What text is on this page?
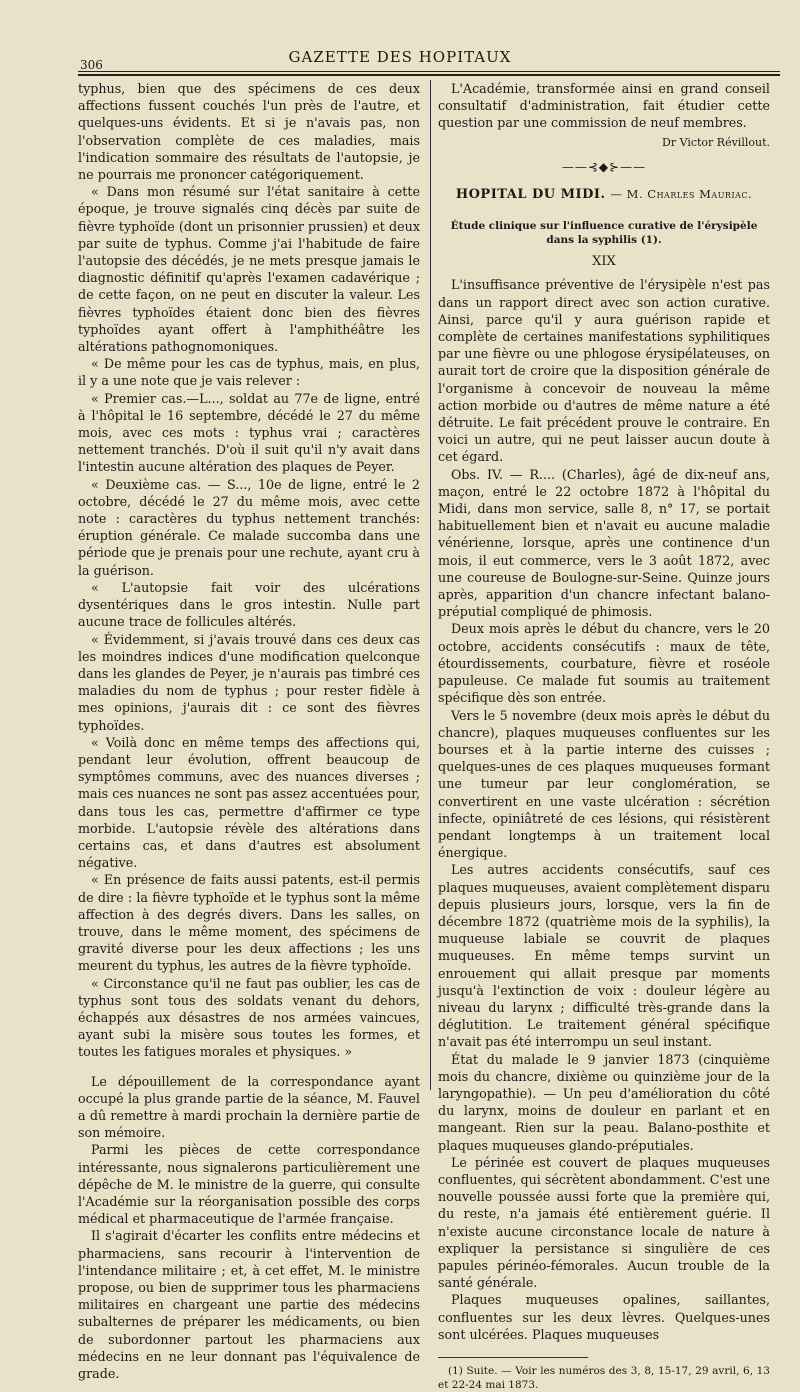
306	GAZETTE DES HOPITAUX

typhus, bien que des spécimens de ces deux affections fussent couchés l'un près de l'autre, et quelques-uns évidents. Et si je n'avais pas, non l'observation complète de ces maladies, mais l'indication sommaire des résultats de l'autopsie, je ne pourrais me prononcer catégoriquement.

« Dans mon résumé sur l'état sanitaire à cette époque, je trouve signalés cinq décès par suite de fièvre typhoïde (dont un prisonnier prussien) et deux par suite de typhus. Comme j'ai l'habitude de faire l'autopsie des décédés, je ne mets presque jamais le diagnostic définitif qu'après l'examen cadavérique ; de cette façon, on ne peut en discuter la valeur. Les fièvres typhoïdes étaient donc bien des fièvres typhoïdes ayant offert à l'amphithéâtre les altérations pathognomoniques.

« De même pour les cas de typhus, mais, en plus, il y a une note que je vais relever :

« Premier cas.—L..., soldat au 77e de ligne, entré à l'hôpital le 16 septembre, décédé le 27 du même mois, avec ces mots : typhus vrai ; caractères nettement tranchés. D'où il suit qu'il n'y avait dans l'intestin aucune altération des plaques de Peyer.

« Deuxième cas. — S..., 10e de ligne, entré le 2 octobre, décédé le 27 du même mois, avec cette note : caractères du typhus nettement tranchés: éruption générale. Ce malade succomba dans une période que je prenais pour une rechute, ayant cru à la guérison.

« L'autopsie fait voir des ulcérations dysentériques dans le gros intestin. Nulle part aucune trace de follicules altérés.

« Évidemment, si j'avais trouvé dans ces deux cas les moindres indices d'une modification quelconque dans les glandes de Peyer, je n'aurais pas timbré ces maladies du nom de typhus ; pour rester fidèle à mes opinions, j'aurais dit : ce sont des fièvres typhoïdes.

« Voilà donc en même temps des affections qui, pendant leur évolution, offrent beaucoup de symptômes communs, avec des nuances diverses ; mais ces nuances ne sont pas assez accentuées pour, dans tous les cas, permettre d'affirmer ce type morbide. L'autopsie révèle des altérations dans certains cas, et dans d'autres est absolument négative.

« En présence de faits aussi patents, est-il permis de dire : la fièvre typhoïde et le typhus sont la même affection à des degrés divers. Dans les salles, on trouve, dans le même moment, des spécimens de gravité diverse pour les deux affections ; les uns meurent du typhus, les autres de la fièvre typhoïde.

« Circonstance qu'il ne faut pas oublier, les cas de typhus sont tous des soldats venant du dehors, échappés aux désastres de nos armées vaincues, ayant subi la misère sous toutes les formes, et toutes les fatigues morales et physiques. »

Le dépouillement de la correspondance ayant occupé la plus grande partie de la séance, M. Fauvel a dû remettre à mardi prochain la dernière partie de son mémoire.

Parmi les pièces de cette correspondance intéressante, nous signalerons particulièrement une dépêche de M. le ministre de la guerre, qui consulte l'Académie sur la réorganisation possible des corps médical et pharmaceutique de l'armée française.

Il s'agirait d'écarter les conflits entre médecins et pharmaciens, sans recourir à l'intervention de l'intendance militaire ; et, à cet effet, M. le ministre propose, ou bien de supprimer tous les pharmaciens militaires en chargeant une partie des médecins subalternes de préparer les médicaments, ou bien de subordonner partout les pharmaciens aux médecins en ne leur donnant pas l'équivalence de grade.

L'Académie, transformée ainsi en grand conseil consultatif d'administration, fait étudier cette question par une commission de neuf membres.

Dr Victor Révillout.
——⊰◆⊱——
HOPITAL DU MIDI. — M. Charles Mauriac.
Étude clinique sur l'influence curative de l'érysipèle dans la syphilis (1).
XIX

L'insuffisance préventive de l'érysipèle n'est pas dans un rapport direct avec son action curative. Ainsi, parce qu'il y aura guérison rapide et complète de certaines manifestations syphilitiques par une fièvre ou une phlogose érysipélateuses, on aurait tort de croire que la disposition générale de l'organisme à concevoir de nouveau la même action morbide ou d'autres de même nature a été détruite. Le fait précédent prouve le contraire. En voici un autre, qui ne peut laisser aucun doute à cet égard.

Obs. IV. — R.... (Charles), âgé de dix-neuf ans, maçon, entré le 22 octobre 1872 à l'hôpital du Midi, dans mon service, salle 8, n° 17, se portait habituellement bien et n'avait eu aucune maladie vénérienne, lorsque, après une continence d'un mois, il eut commerce, vers le 3 août 1872, avec une coureuse de Boulogne-sur-Seine. Quinze jours après, apparition d'un chancre infectant balano-préputial compliqué de phimosis.

Deux mois après le début du chancre, vers le 20 octobre, accidents consécutifs : maux de tête, étourdissements, courbature, fièvre et roséole papuleuse. Ce malade fut soumis au traitement spécifique dès son entrée.

Vers le 5 novembre (deux mois après le début du chancre), plaques muqueuses confluentes sur les bourses et à la partie interne des cuisses ; quelques-unes de ces plaques muqueuses formant une tumeur par leur conglomération, se convertirent en une vaste ulcération : sécrétion infecte, opiniâtreté de ces lésions, qui résistèrent pendant longtemps à un traitement local énergique.

Les autres accidents consécutifs, sauf ces plaques muqueuses, avaient complètement disparu depuis plusieurs jours, lorsque, vers la fin de décembre 1872 (quatrième mois de la syphilis), la muqueuse labiale se couvrit de plaques muqueuses. En même temps survint un enrouement qui allait presque par moments jusqu'à l'extinction de voix : douleur légère au niveau du larynx ; difficulté très-grande dans la déglutition. Le traitement général spécifique n'avait pas été interrompu un seul instant.

État du malade le 9 janvier 1873 (cinquième mois du chancre, dixième ou quinzième jour de la laryngopathie). — Un peu d'amélioration du côté du larynx, moins de douleur en parlant et en mangeant. Rien sur la peau. Balano-posthite et plaques muqueuses glando-préputiales.

Le périnée est couvert de plaques muqueuses confluentes, qui sécrètent abondamment. C'est une nouvelle poussée aussi forte que la première qui, du reste, n'a jamais été entièrement guérie. Il n'existe aucune circonstance locale de nature à expliquer la persistance si singulière de ces papules périnéo-fémorales. Aucun trouble de la santé générale.

Plaques muqueuses opalines, saillantes, confluentes sur les deux lèvres. Quelques-unes sont ulcérées. Plaques muqueuses

(1) Suite. — Voir les numéros des 3, 8, 15-17, 29 avril, 6, 13 et 22-24 mai 1873.
